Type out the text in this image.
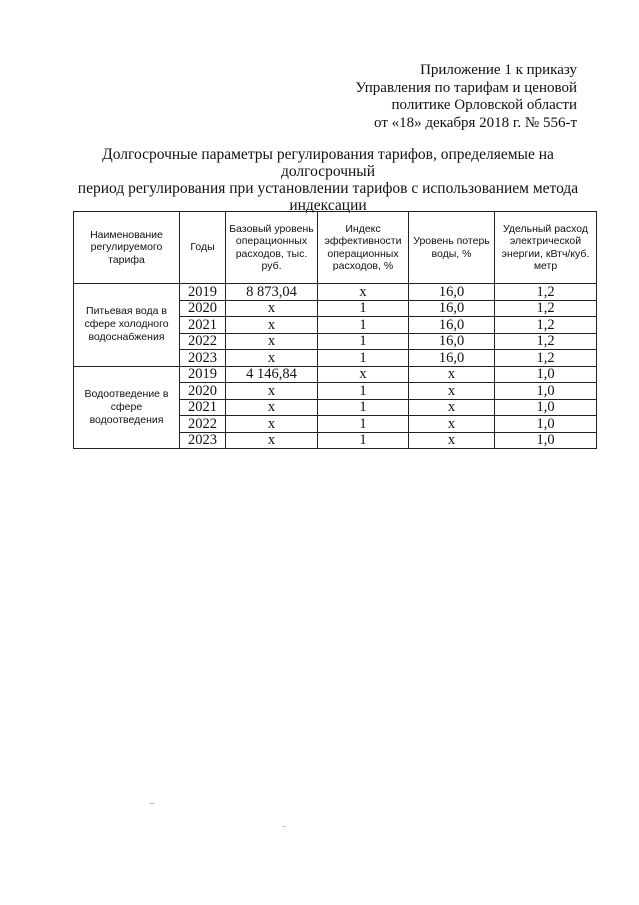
Приложение 1 к приказу
Управления по тарифам и ценовой
политике Орловской области
от «18» декабря 2018 г. № 556-т
Долгосрочные параметры регулирования тарифов, определяемые на долгосрочный
период регулирования при установлении тарифов с использованием метода
индексации
Наименование регулируемого тарифа	Годы	Базовый уровень операционных расходов, тыс. руб.	Индекс эффективности операционных расходов, %	Уровень потерь воды, %	Удельный расход электрической энергии, кВтч/куб. метр
Питьевая вода в сфере холодного водоснабжения	2019	8 873,04	х	16,0	1,2
	2020	х	1	16,0	1,2
	2021	х	1	16,0	1,2
	2022	х	1	16,0	1,2
	2023	х	1	16,0	1,2
Водоотведение в сфере водоотведения	2019	4 146,84	х	х	1,0
	2020	х	1	х	1,0
	2021	х	1	х	1,0
	2022	х	1	х	1,0
	2023	х	1	х	1,0
